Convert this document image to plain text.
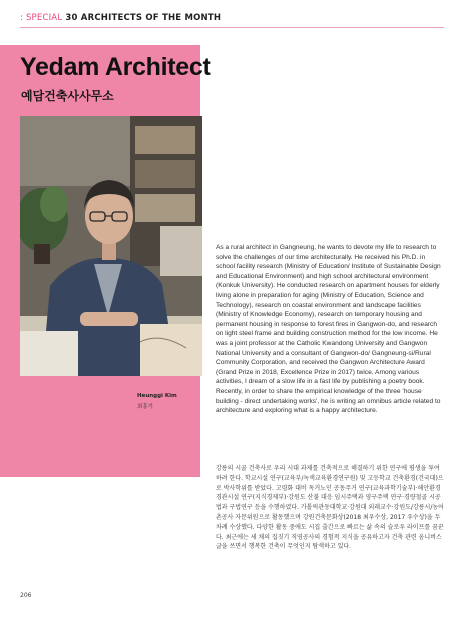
: SPECIAL 30 ARCHITECTS OF THE MONTH
Yedam Architect
예담건축사사무소
Heunggi Kim
최흥기

As a rural architect in Gangneung, he wants to devote my life to research to solve the challenges of our time architecturally. He received his Ph.D. in school facility research (Ministry of Education/ Institute of Sustainable Design and Educational Environment) and high school architectural environment (Konkuk University). He conducted research on apartment houses for elderly living alone in preparation for aging (Ministry of Education, Science and Technology), research on coastal environment and landscape facilities (Ministry of Knowledge Economy), research on temporary housing and permanent housing in response to forest fires in Gangwon-do, and research on light steel frame and building construction method for the low income. He was a joint professor at the Catholic Kwandong University and Gangwon National University and a consultant of Gangwon-do/ Gangneung-si/Rural Community Corporation, and received the Gangwon Architecture Award (Grand Prize in 2018, Excellence Prize in 2017) twice. Among various activities, I dream of a slow life in a fast life by publishing a poetry book. Recently, in order to share the empirical knowledge of the three 'house building - direct undertaking works', he is writing an omnibus article related to architecture and exploring what is a happy architecture.

강릉의 시골 건축사로 우리 시대 과제를 건축적으로 해결하기 위한 연구에 평생을 투여하려 한다. 학교시설 연구(교육부/녹색교육환경연구원) 및 고등학교 건축환경(건국대)으로 박사학위를 받았다. 고령화 대비 독거노인 공동주거 연구(교육과학기술부)·해안환경 경관시설 연구(지식경제부)·강원도 산불 대응 임시주택과 영구주택 연구·경량철골 시공법과 구법연구 등을 수행하였다. 가톨릭관동대학교·강원대 외래교수·강원도/강릉시/농어촌공사 자문위원으로 활동했으며 강원건축문화상(2018 최우수상, 2017 우수상)을 두 차례 수상했다. 다양한 활동 중에도 시집 출간으로 빠르는 삶 속의 슬로우 라이프를 꿈꾼다. 최근에는 세 채의 집짓기 직영공사의 경험적 지식을 공유하고자 건축 관련 옴니버스 글을 쓰면서 행복한 건축이 무엇인지 탐색하고 있다.

206
